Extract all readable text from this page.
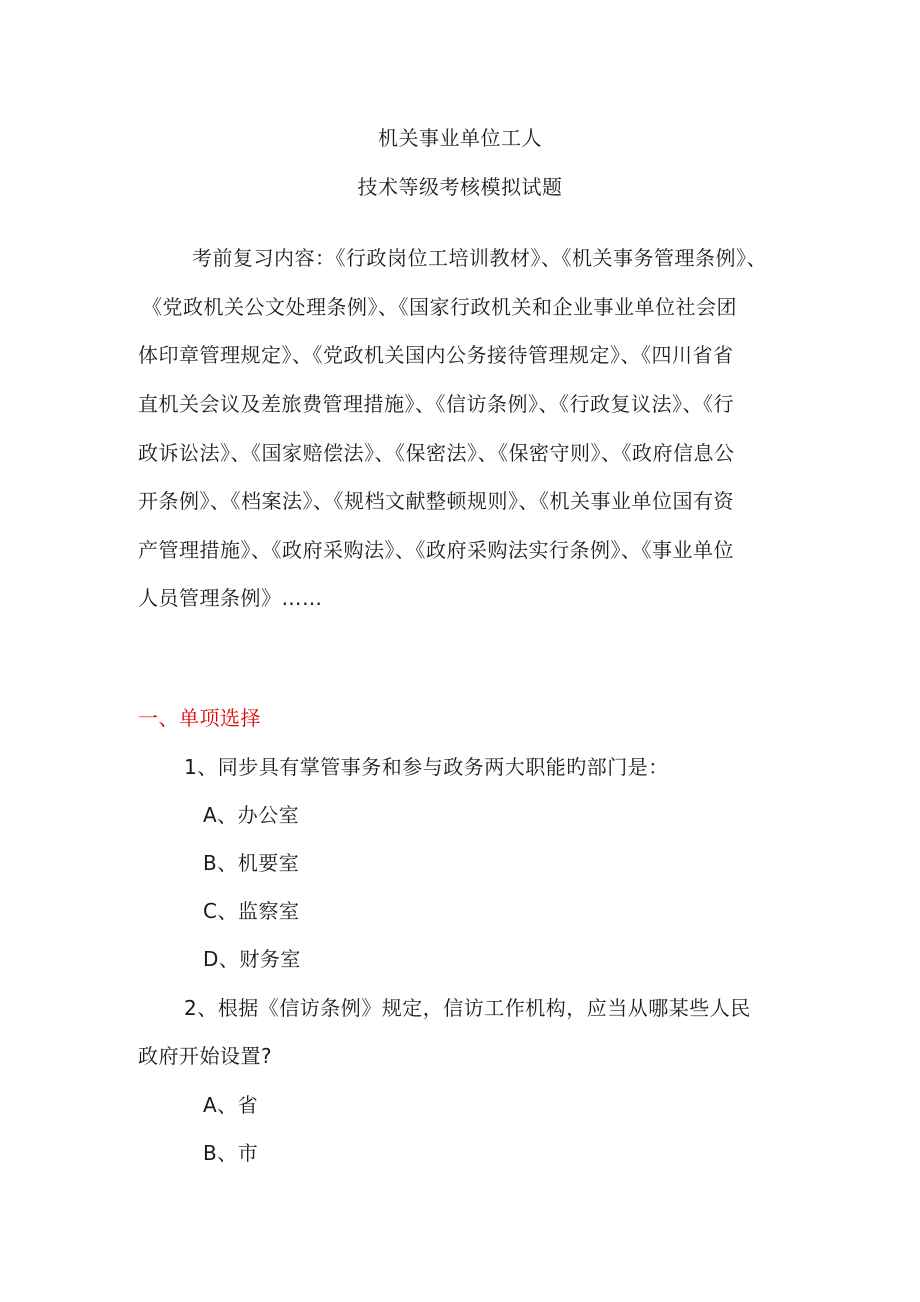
机关事业单位工人
技术等级考核模拟试题
考前复习内容：《行政岗位工培训教材》、《机关事务管理条例》、
《党政机关公文处理条例》、《国家行政机关和企业事业单位社会团
体印章管理规定》、《党政机关国内公务接待管理规定》、《四川省省
直机关会议及差旅费管理措施》、《信访条例》、《行政复议法》、《行
政诉讼法》、《国家赔偿法》、《保密法》、《保密守则》、《政府信息公
开条例》、《档案法》、《规档文献整顿规则》、《机关事业单位国有资
产管理措施》、《政府采购法》、《政府采购法实行条例》、《事业单位
人员管理条例》……
一、单项选择
1、同步具有掌管事务和参与政务两大职能旳部门是：
A、办公室
B、机要室
C、监察室
D、财务室
2、根据《信访条例》规定，信访工作机构，应当从哪某些人民
政府开始设置?
A、省
B、市
